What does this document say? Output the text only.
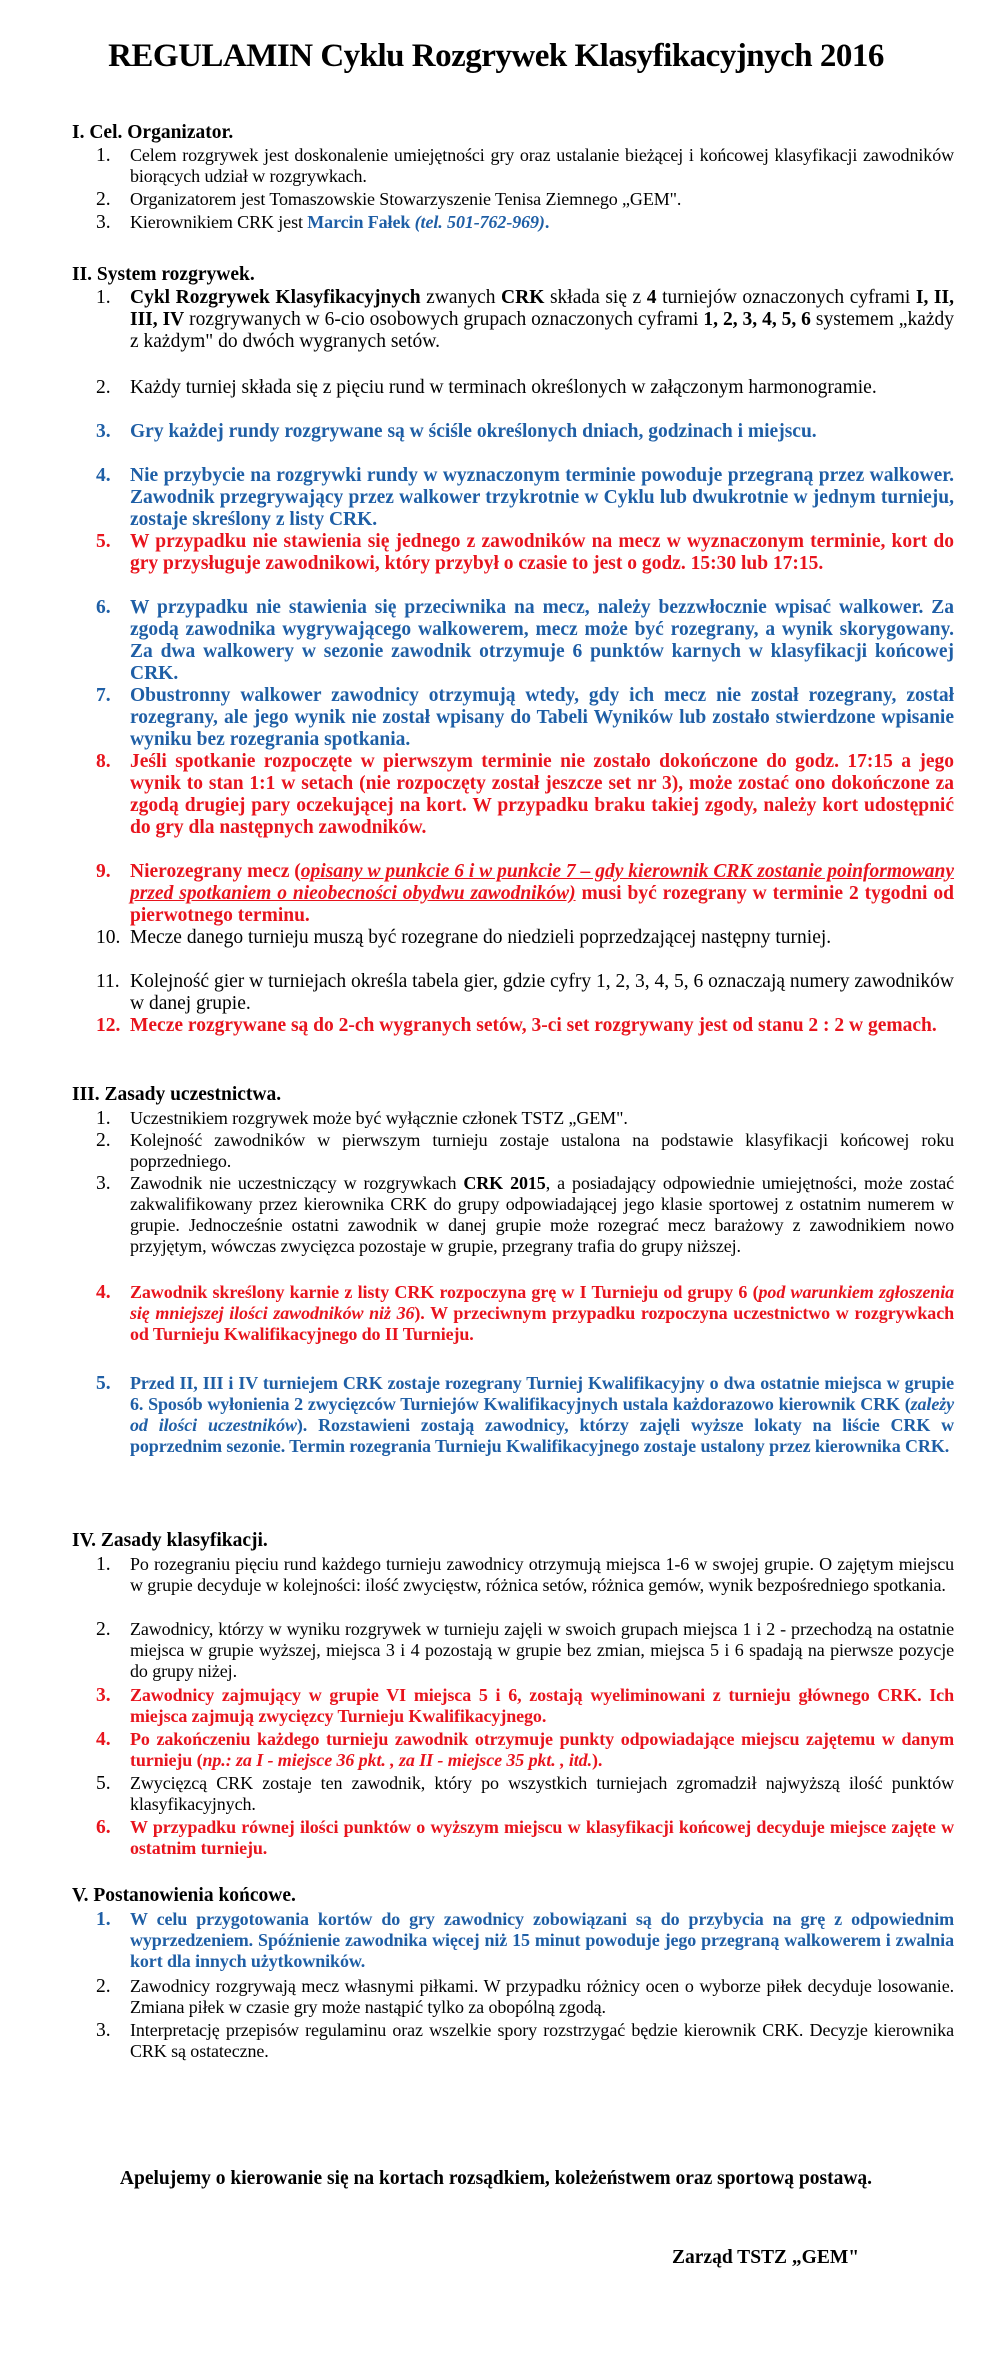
REGULAMIN Cyklu Rozgrywek Klasyfikacyjnych 2016
I. Cel. Organizator.
1.	Celem rozgrywek jest doskonalenie umiejętności gry oraz ustalanie bieżącej i końcowej klasyfikacji zawodników biorących udział w rozgrywkach.
2.	Organizatorem jest Tomaszowskie Stowarzyszenie Tenisa Ziemnego „GEM".
3.	Kierownikiem CRK jest Marcin Fałek (tel. 501-762-969).
II. System rozgrywek.
1. Cykl Rozgrywek Klasyfikacyjnych zwanych CRK składa się z 4 turniejów oznaczonych cyframi I, II, III, IV rozgrywanych w 6-cio osobowych grupach oznaczonych cyframi 1, 2, 3, 4, 5, 6 systemem „każdy z każdym" do dwóch wygranych setów.
2. Każdy turniej składa się z pięciu rund w terminach określonych w załączonym harmonogramie.
3. Gry każdej rundy rozgrywane są w ściśle określonych dniach, godzinach i miejscu.
4. Nie przybycie na rozgrywki rundy w wyznaczonym terminie powoduje przegraną przez walkower. Zawodnik przegrywający przez walkower trzykrotnie w Cyklu lub dwukrotnie w jednym turnieju, zostaje skreślony z listy CRK.
5. W przypadku nie stawienia się jednego z zawodników na mecz w wyznaczonym terminie, kort do gry przysługuje zawodnikowi, który przybył o czasie to jest o godz. 15:30 lub 17:15.
6. W przypadku nie stawienia się przeciwnika na mecz, należy bezzwłocznie wpisać walkower. Za zgodą zawodnika wygrywającego walkowerem, mecz może być rozegrany, a wynik skorygowany. Za dwa walkowery w sezonie zawodnik otrzymuje 6 punktów karnych w klasyfikacji końcowej CRK.
7. Obustronny walkower zawodnicy otrzymują wtedy, gdy ich mecz nie został rozegrany, został rozegrany, ale jego wynik nie został wpisany do Tabeli Wyników lub zostało stwierdzone wpisanie wyniku bez rozegrania spotkania.
8. Jeśli spotkanie rozpoczęte w pierwszym terminie nie zostało dokończone do godz. 17:15 a jego wynik to stan 1:1 w setach (nie rozpoczęty został jeszcze set nr 3), może zostać ono dokończone za zgodą drugiej pary oczekującej na kort. W przypadku braku takiej zgody, należy kort udostępnić do gry dla następnych zawodników.
9. Nierozegrany mecz (opisany w punkcie 6 i w punkcie 7 – gdy kierownik CRK zostanie poinformowany przed spotkaniem o nieobecności obydwu zawodników) musi być rozegrany w terminie 2 tygodni od pierwotnego terminu.
10. Mecze danego turnieju muszą być rozegrane do niedzieli poprzedzającej następny turniej.
11. Kolejność gier w turniejach określa tabela gier, gdzie cyfry 1, 2, 3, 4, 5, 6 oznaczają numery zawodników w danej grupie.
12. Mecze rozgrywane są do 2-ch wygranych setów, 3-ci set rozgrywany jest od stanu 2 : 2 w gemach.
III. Zasady uczestnictwa.
1.	Uczestnikiem rozgrywek może być wyłącznie członek TSTZ „GEM".
2.	Kolejność zawodników w pierwszym turnieju zostaje ustalona na podstawie klasyfikacji końcowej roku poprzedniego.
3.	Zawodnik nie uczestniczący w rozgrywkach CRK 2015, a posiadający odpowiednie umiejętności, może zostać zakwalifikowany przez kierownika CRK do grupy odpowiadającej jego klasie sportowej z ostatnim numerem w grupie. Jednocześnie ostatni zawodnik w danej grupie może rozegrać mecz barażowy z zawodnikiem nowo przyjętym, wówczas zwycięzca pozostaje w grupie, przegrany trafia do grupy niższej.
4.	Zawodnik skreślony karnie z listy CRK rozpoczyna grę w I Turnieju od grupy 6 (pod warunkiem zgłoszenia się mniejszej ilości zawodników niż 36). W przeciwnym przypadku rozpoczyna uczestnictwo w rozgrywkach od Turnieju Kwalifikacyjnego do II Turnieju.
5.	Przed II, III i IV turniejem CRK zostaje rozegrany Turniej Kwalifikacyjny o dwa ostatnie miejsca w grupie 6. Sposób wyłonienia 2 zwycięzców Turniejów Kwalifikacyjnych ustala każdorazowo kierownik CRK (zależy od ilości uczestników). Rozstawieni zostają zawodnicy, którzy zajęli wyższe lokaty na liście CRK w poprzednim sezonie. Termin rozegrania Turnieju Kwalifikacyjnego zostaje ustalony przez kierownika CRK.
IV. Zasady klasyfikacji.
1.	Po rozegraniu pięciu rund każdego turnieju zawodnicy otrzymują miejsca 1-6 w swojej grupie. O zajętym miejscu w grupie decyduje w kolejności: ilość zwycięstw, różnica setów, różnica gemów, wynik bezpośredniego spotkania.
2.	Zawodnicy, którzy w wyniku rozgrywek w turnieju zajęli w swoich grupach miejsca 1 i 2 - przechodzą na ostatnie miejsca w grupie wyższej, miejsca 3 i 4 pozostają w grupie bez zmian, miejsca 5 i 6 spadają na pierwsze pozycje do grupy niżej.
3.	Zawodnicy zajmujący w grupie VI miejsca 5 i 6, zostają wyeliminowani z turnieju głównego CRK. Ich miejsca zajmują zwycięzcy Turnieju Kwalifikacyjnego.
4.	Po zakończeniu każdego turnieju zawodnik otrzymuje punkty odpowiadające miejscu zajętemu w danym turnieju (np.: za I - miejsce 36 pkt. , za II - miejsce 35 pkt. , itd.).
5.	Zwycięzcą CRK zostaje ten zawodnik, który po wszystkich turniejach zgromadził najwyższą ilość punktów klasyfikacyjnych.
6.	W przypadku równej ilości punktów o wyższym miejscu w klasyfikacji końcowej decyduje miejsce zajęte w ostatnim turnieju.
V. Postanowienia końcowe.
1.	W celu przygotowania kortów do gry zawodnicy zobowiązani są do przybycia na grę z odpowiednim wyprzedzeniem. Spóźnienie zawodnika więcej niż 15 minut powoduje jego przegraną walkowerem i zwalnia kort dla innych użytkowników.
2.	Zawodnicy rozgrywają mecz własnymi piłkami. W przypadku różnicy ocen o wyborze piłek decyduje losowanie. Zmiana piłek w czasie gry może nastąpić tylko za obopólną zgodą.
3.	Interpretację przepisów regulaminu oraz wszelkie spory rozstrzygać będzie kierownik CRK. Decyzje kierownika CRK są ostateczne.
Apelujemy o kierowanie się na kortach rozsądkiem, koleżeństwem oraz sportową postawą.
Zarząd TSTZ „GEM"
